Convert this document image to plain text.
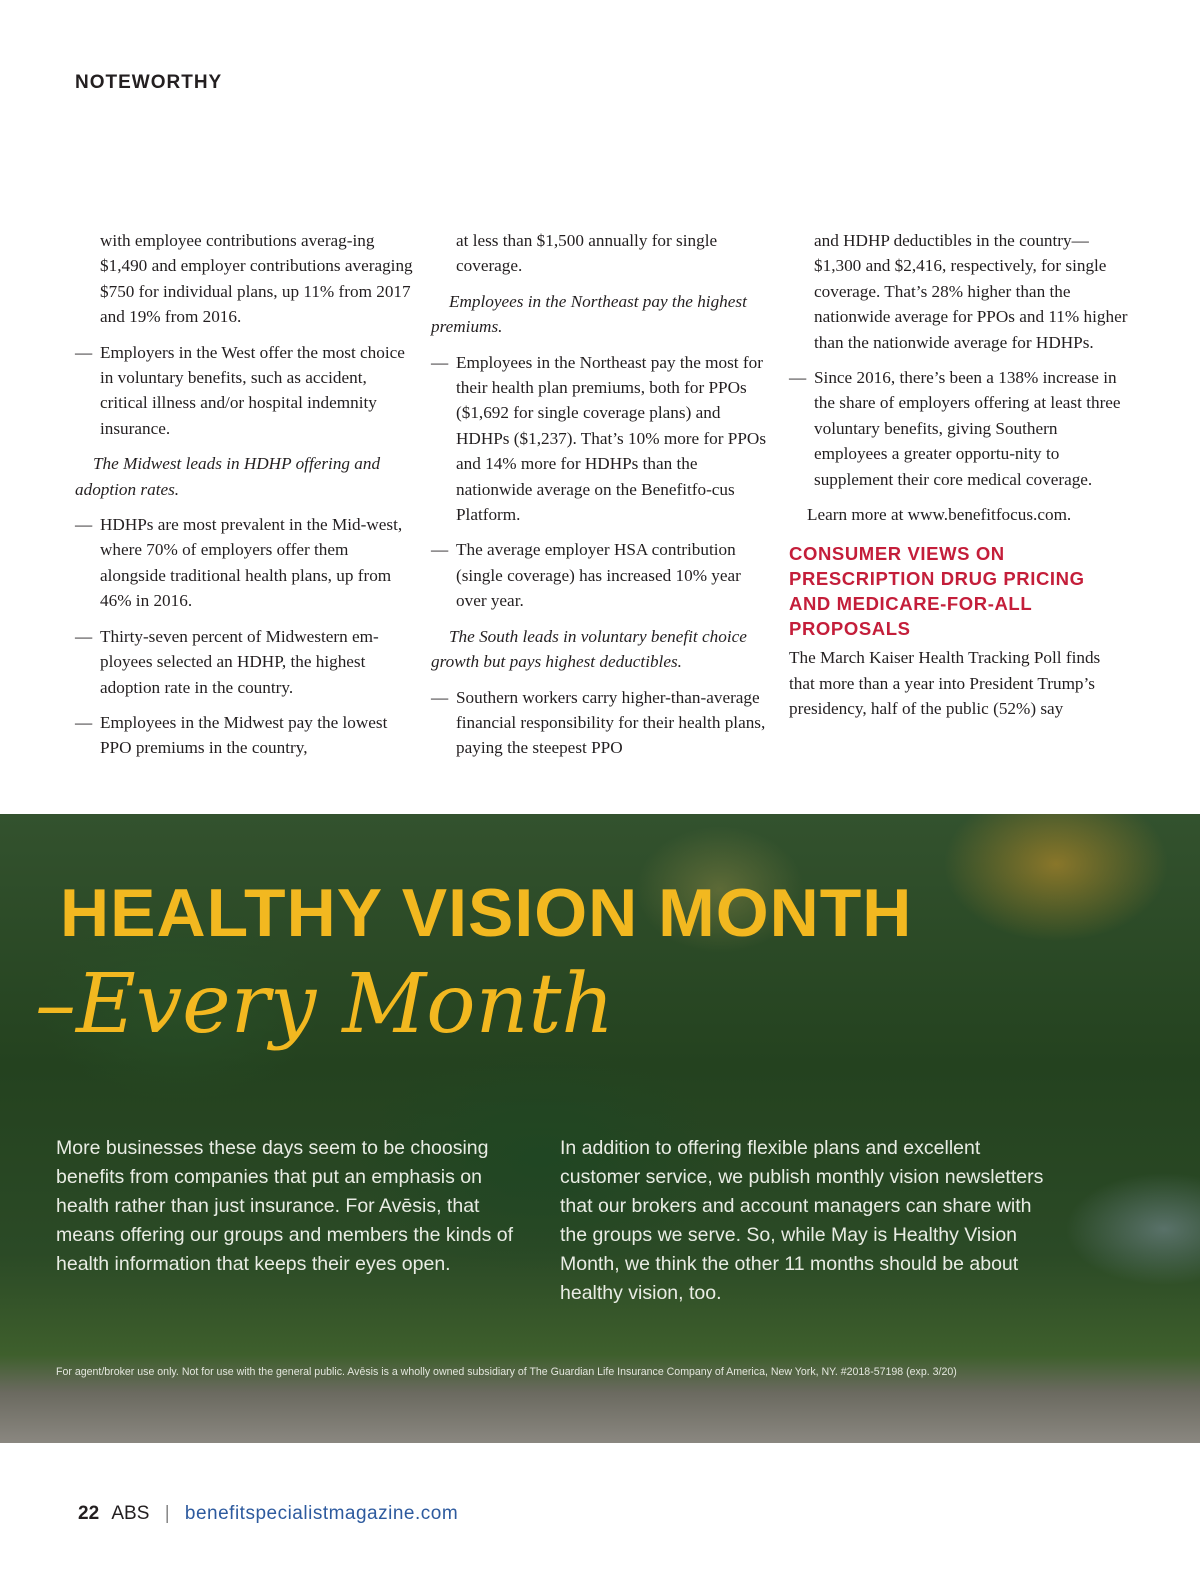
NOTEWORTHY

with employee contributions averag-ing $1,490 and employer contributions averaging $750 for individual plans, up 11% from 2017 and 19% from 2016.

— Employers in the West offer the most choice in voluntary benefits, such as accident, critical illness and/or hospital indemnity insurance.

The Midwest leads in HDHP offering and adoption rates.

— HDHPs are most prevalent in the Mid-west, where 70% of employers offer them alongside traditional health plans, up from 46% in 2016.

— Thirty-seven percent of Midwestern em-ployees selected an HDHP, the highest adoption rate in the country.

— Employees in the Midwest pay the lowest PPO premiums in the country,

at less than $1,500 annually for single coverage.

Employees in the Northeast pay the highest premiums.

— Employees in the Northeast pay the most for their health plan premiums, both for PPOs ($1,692 for single coverage plans) and HDHPs ($1,237). That’s 10% more for PPOs and 14% more for HDHPs than the nationwide average on the Benefitfo-cus Platform.

— The average employer HSA contribution (single coverage) has increased 10% year over year.

The South leads in voluntary benefit choice growth but pays highest deductibles.

— Southern workers carry higher-than-average financial responsibility for their health plans, paying the steepest PPO

and HDHP deductibles in the country—$1,300 and $2,416, respectively, for single coverage. That’s 28% higher than the nationwide average for PPOs and 11% higher than the nationwide average for HDHPs.

— Since 2016, there’s been a 138% increase in the share of employers offering at least three voluntary benefits, giving Southern employees a greater opportu-nity to supplement their core medical coverage.

Learn more at www.benefitfocus.com.

CONSUMER VIEWS ON PRESCRIPTION DRUG PRICING AND MEDICARE-FOR-ALL PROPOSALS

The March Kaiser Health Tracking Poll finds that more than a year into President Trump’s presidency, half of the public (52%) say

HEALTHY VISION MONTH
–Every Month

More businesses these days seem to be choosing benefits from companies that put an emphasis on health rather than just insurance. For Avēsis, that means offering our groups and members the kinds of health information that keeps their eyes open.

In addition to offering flexible plans and excellent customer service, we publish monthly vision newsletters that our brokers and account managers can share with the groups we serve. So, while May is Healthy Vision Month, we think the other 11 months should be about healthy vision, too.

For agent/broker use only. Not for use with the general public. Avēsis is a wholly owned subsidiary of The Guardian Life Insurance Company of America, New York, NY. #2018-57198 (exp. 3/20)
22 ABS | benefitspecialistmagazine.com
